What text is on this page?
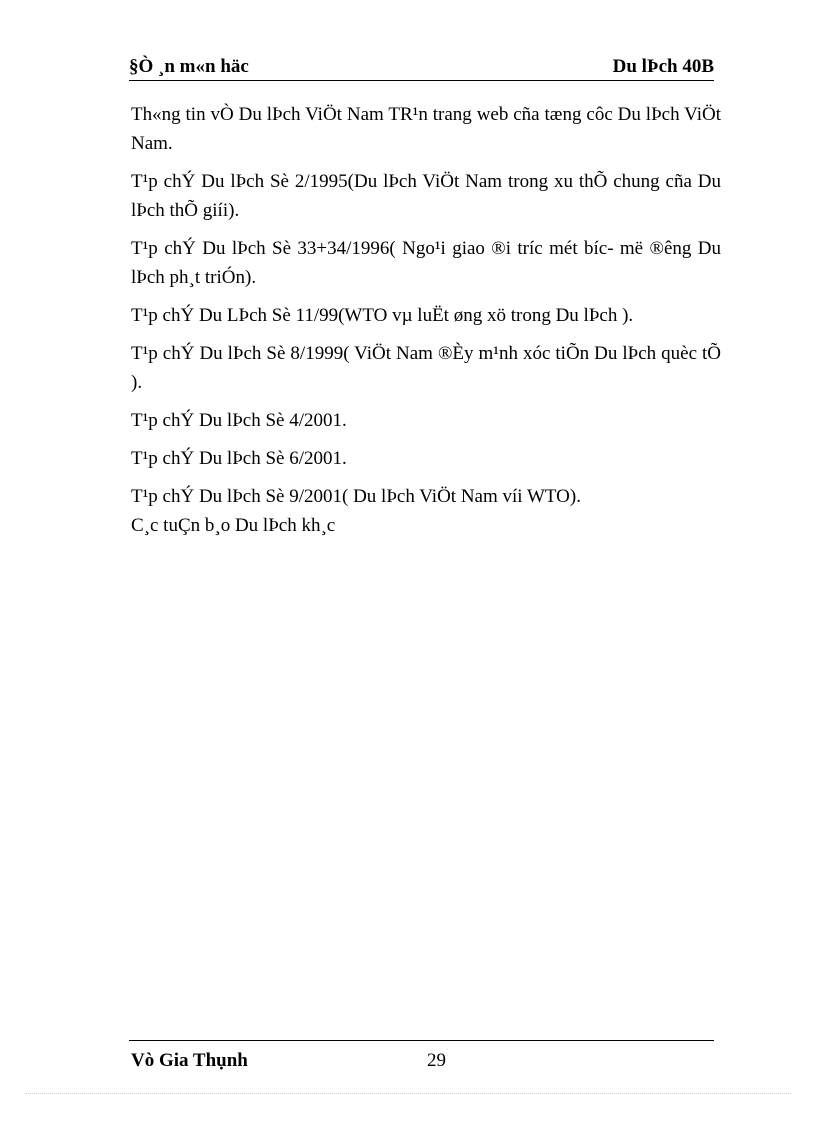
§Ò ¸n m«n häc	Du lÞch 40B

Th«ng tin vÒ Du lÞch ViÖt Nam TR¹n trang web cña tæng côc Du lÞch ViÖt Nam.

T¹p chÝ Du lÞch Sè 2/1995(Du lÞch ViÖt Nam trong xu thÕ chung cña Du lÞch thÕ giíi).

T¹p chÝ Du lÞch Sè 33+34/1996( Ngo¹i giao ®i tríc mét bíc- më ®êng Du lÞch ph¸t triÓn).

T¹p chÝ Du LÞch Sè 11/99(WTO vµ luËt øng xö trong Du lÞch ).

T¹p chÝ Du lÞch Sè 8/1999( ViÖt Nam ®Èy m¹nh xóc tiÕn Du lÞch quèc tÕ ).

T¹p chÝ Du lÞch Sè 4/2001.

T¹p chÝ Du lÞch Sè 6/2001.

T¹p chÝ Du lÞch Sè 9/2001( Du lÞch ViÖt Nam víi WTO).

C¸c tuÇn b¸o Du lÞch kh¸c

Vò Gia Thụnh	29
